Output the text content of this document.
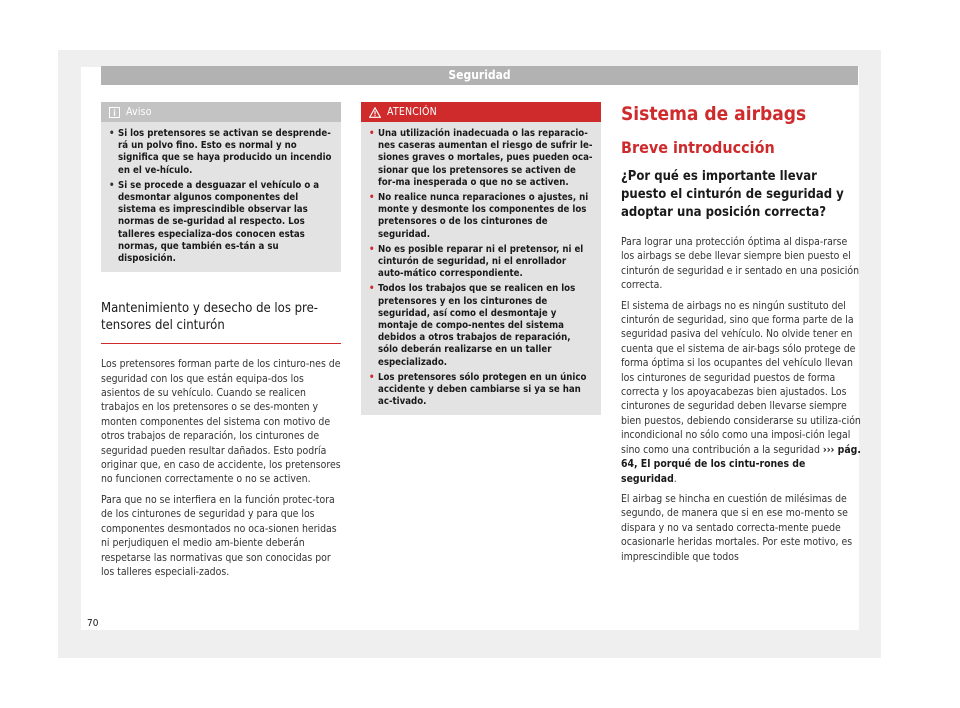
Seguridad
Aviso
• Si los pretensores se activan se desprende-rá un polvo fino. Esto es normal y no significa que se haya producido un incendio en el ve-hículo.
• Si se procede a desguazar el vehículo o a desmontar algunos componentes del sistema es imprescindible observar las normas de se-guridad al respecto. Los talleres especializa-dos conocen estas normas, que también es-tán a su disposición.
Mantenimiento y desecho de los pre-tensores del cinturón

Los pretensores forman parte de los cinturo-nes de seguridad con los que están equipa-dos los asientos de su vehículo. Cuando se realicen trabajos en los pretensores o se des-monten y monten componentes del sistema con motivo de otros trabajos de reparación, los cinturones de seguridad pueden resultar dañados. Esto podría originar que, en caso de accidente, los pretensores no funcionen correctamente o no se activen.

Para que no se interfiera en la función protec-tora de los cinturones de seguridad y para que los componentes desmontados no oca-sionen heridas ni perjudiquen el medio am-biente deberán respetarse las normativas que son conocidas por los talleres especiali-zados.

ATENCIÓN
• Una utilización inadecuada o las reparacio-nes caseras aumentan el riesgo de sufrir le-siones graves o mortales, pues pueden oca-sionar que los pretensores se activen de for-ma inesperada o que no se activen.
• No realice nunca reparaciones o ajustes, ni monte y desmonte los componentes de los pretensores o de los cinturones de seguridad.
• No es posible reparar ni el pretensor, ni el cinturón de seguridad, ni el enrollador auto-mático correspondiente.
• Todos los trabajos que se realicen en los pretensores y en los cinturones de seguridad, así como el desmontaje y montaje de compo-nentes del sistema debidos a otros trabajos de reparación, sólo deberán realizarse en un taller especializado.
• Los pretensores sólo protegen en un único accidente y deben cambiarse si ya se han ac-tivado.
Sistema de airbags
Breve introducción
¿Por qué es importante llevar puesto el cinturón de seguridad y adoptar una posición correcta?

Para lograr una protección óptima al dispa-rarse los airbags se debe llevar siempre bien puesto el cinturón de seguridad e ir sentado en una posición correcta.

El sistema de airbags no es ningún sustituto del cinturón de seguridad, sino que forma parte de la seguridad pasiva del vehículo. No olvide tener en cuenta que el sistema de air-bags sólo protege de forma óptima si los ocupantes del vehículo llevan los cinturones de seguridad puestos de forma correcta y los apoyacabezas bien ajustados. Los cinturones de seguridad deben llevarse siempre bien puestos, debiendo considerarse su utiliza-ción incondicional no sólo como una imposi-ción legal sino como una contribución a la seguridad ››› pág. 64, El porqué de los cintu-rones de seguridad.

El airbag se hincha en cuestión de milésimas de segundo, de manera que si en ese mo-mento se dispara y no va sentado correcta-mente puede ocasionarle heridas mortales. Por este motivo, es imprescindible que todos

70
